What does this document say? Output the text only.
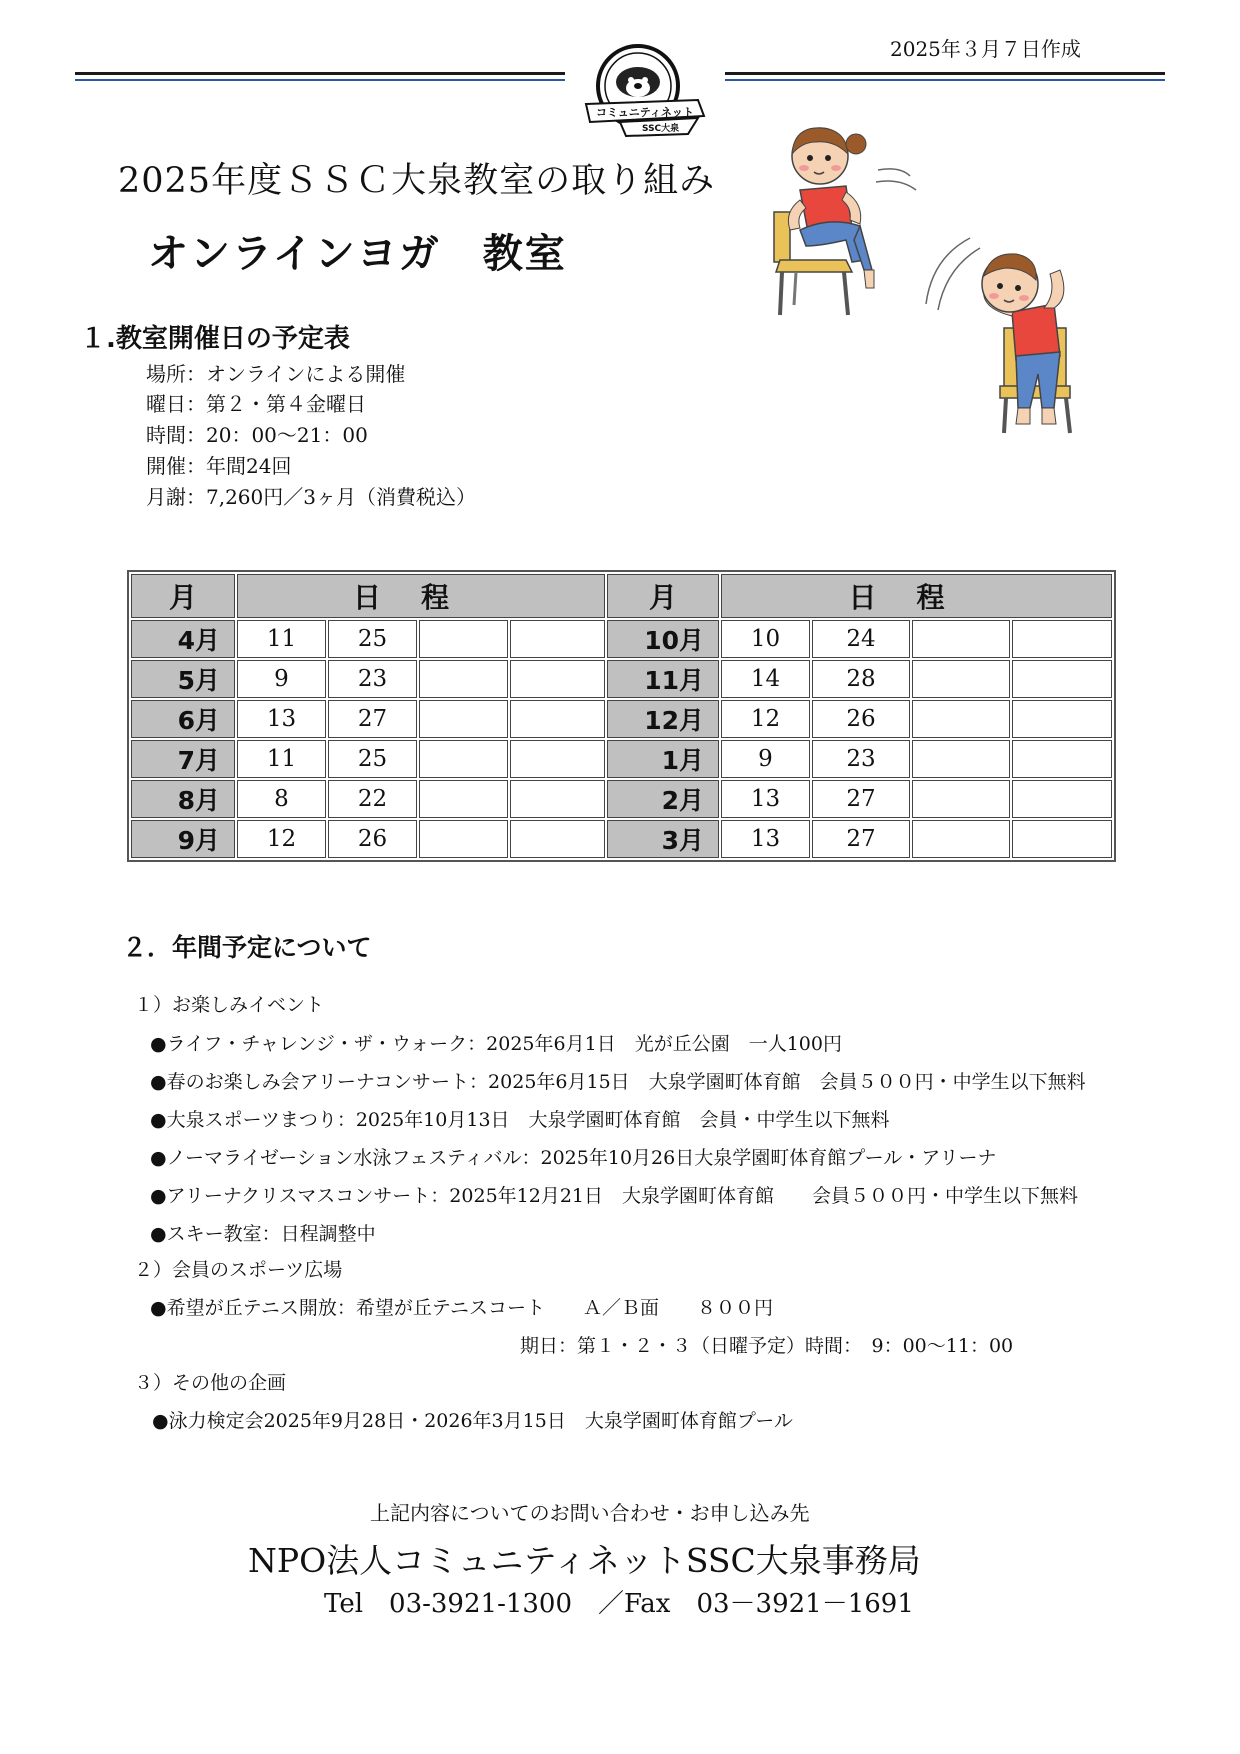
2025年３月７日作成
コミュニティネット
SSC大泉
2025年度ＳＳＣ大泉教室の取り組み
オンラインヨガ　教室
１.教室開催日の予定表
場所：オンラインによる開催
曜日：第２・第４金曜日
時間：20：00～21：00
開催：年間24回
月謝：7,260円／3ヶ月（消費税込）
月	日程				月	日程			
4月	11	25			10月	10	24		
5月	9	23			11月	14	28		
6月	13	27			12月	12	26		
7月	11	25			1月	9	23		
8月	8	22			2月	13	27		
9月	12	26			3月	13	27		
２．年間予定について
１）お楽しみイベント
●ライフ・チャレンジ・ザ・ウォーク：2025年6月1日　光が丘公園　一人100円
●春のお楽しみ会アリーナコンサート：2025年6月15日　大泉学園町体育館　会員５００円・中学生以下無料
●大泉スポーツまつり：2025年10月13日　大泉学園町体育館　会員・中学生以下無料
●ノーマライゼーション水泳フェスティバル：2025年10月26日大泉学園町体育館プール・アリーナ
●アリーナクリスマスコンサート：2025年12月21日　大泉学園町体育館　　会員５００円・中学生以下無料
●スキー教室：日程調整中
２）会員のスポーツ広場
●希望が丘テニス開放：希望が丘テニスコート　　Ａ／Ｂ面　　８００円
期日：第１・２・３（日曜予定）時間：　9：00～11：00
３）その他の企画
●泳力検定会2025年9月28日・2026年3月15日　大泉学園町体育館プール
上記内容についてのお問い合わせ・お申し込み先
NPO法人コミュニティネットSSC大泉事務局
Tel　03-3921-1300　／Fax　03－3921－1691
